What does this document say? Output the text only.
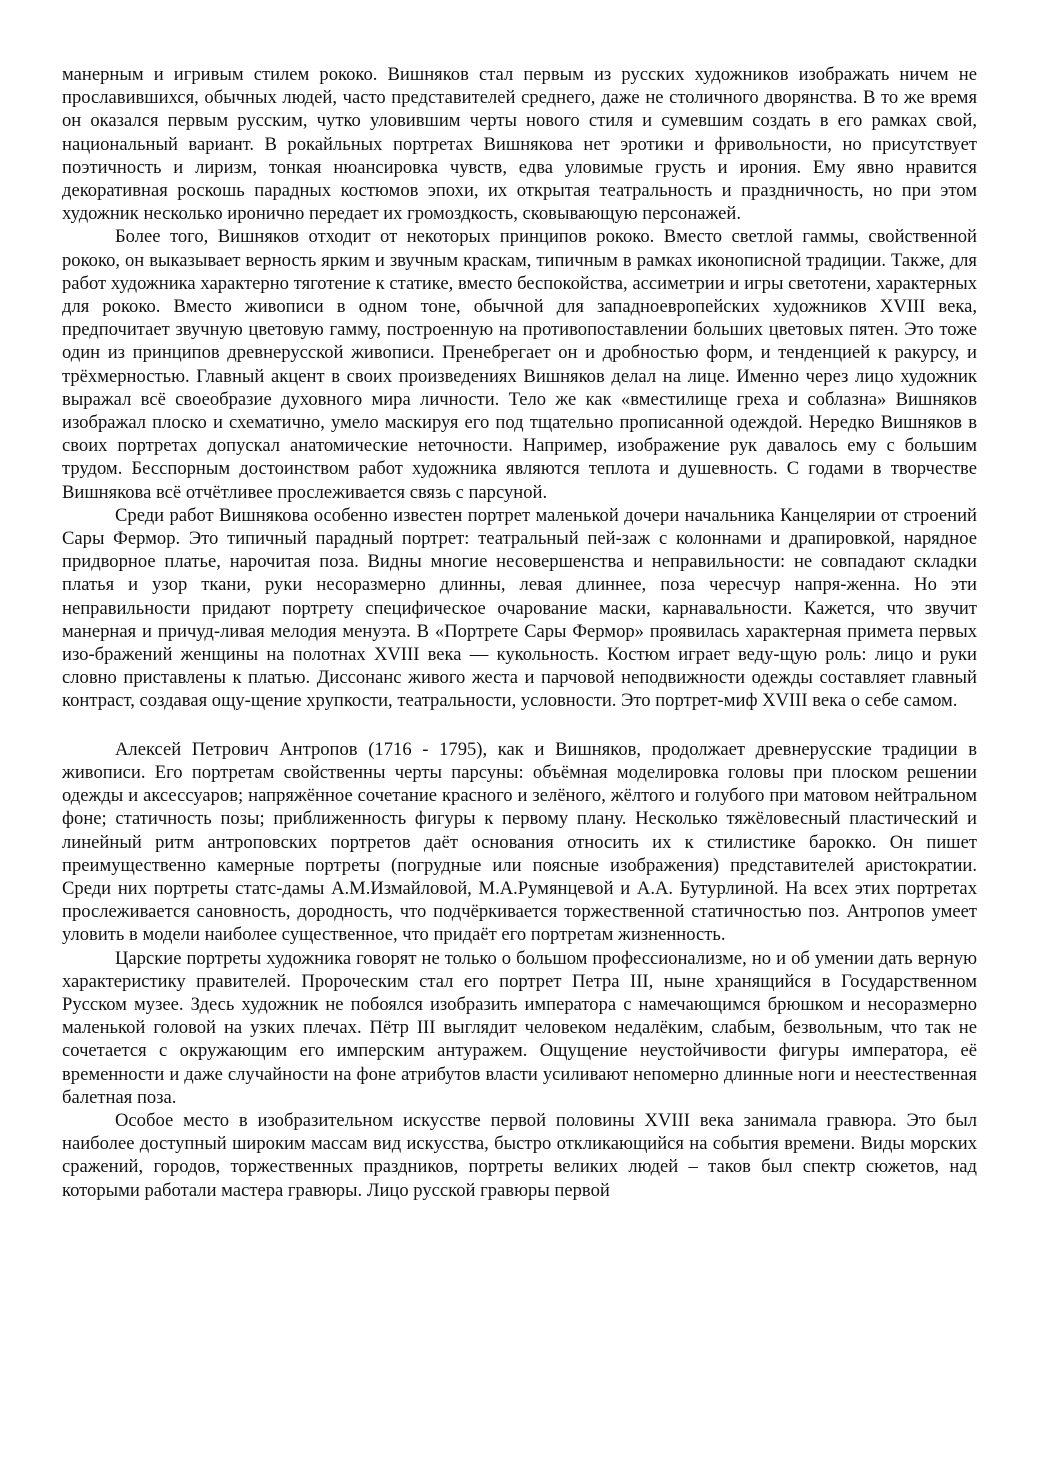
манерным и игривым стилем рококо. Вишняков стал первым из русских художников изображать ничем не прославившихся, обычных людей, часто представителей среднего, даже не столичного дворянства. В то же время он оказался первым русским, чутко уловившим черты нового стиля и сумевшим создать в его рамках свой, национальный вариант. В рокайльных портретах Вишнякова нет эротики и фривольности, но присутствует поэтичность и лиризм, тонкая нюансировка чувств, едва уловимые грусть и ирония. Ему явно нравится декоративная роскошь парадных костюмов эпохи, их открытая театральность и праздничность, но при этом художник несколько иронично передает их громоздкость, сковывающую персонажей.

Более того, Вишняков отходит от некоторых принципов рококо. Вместо светлой гаммы, свойственной рококо, он выказывает верность ярким и звучным краскам, типичным в рамках иконописной традиции. Также, для работ художника характерно тяготение к статике, вместо беспокойства, ассиметрии и игры светотени, характерных для рококо. Вместо живописи в одном тоне, обычной для западноевропейских художников XVIII века, предпочитает звучную цветовую гамму, построенную на противопоставлении больших цветовых пятен. Это тоже один из принципов древнерусской живописи. Пренебрегает он и дробностью форм, и тенденцией к ракурсу, и трёхмерностью. Главный акцент в своих произведениях Вишняков делал на лице. Именно через лицо художник выражал всё своеобразие духовного мира личности. Тело же как «вместилище греха и соблазна» Вишняков изображал плоско и схематично, умело маскируя его под тщательно прописанной одеждой. Нередко Вишняков в своих портретах допускал анатомические неточности. Например, изображение рук давалось ему с большим трудом. Бесспорным достоинством работ художника являются теплота и душевность. С годами в творчестве Вишнякова всё отчётливее прослеживается связь с парсуной.

Среди работ Вишнякова особенно известен портрет маленькой дочери начальника Канцелярии от строений Сары Фермор. Это типичный парадный портрет: театральный пей-заж с колоннами и драпировкой, нарядное придворное платье, нарочитая поза. Видны многие несовершенства и неправильности: не совпадают складки платья и узор ткани, руки несоразмерно длинны, левая длиннее, поза чересчур напря-женна. Но эти неправильности придают портрету специфическое очарование маски, карнавальности. Кажется, что звучит манерная и причуд-ливая мелодия менуэта. В «Портрете Сары Фермор» проявилась характерная примета первых изо-бражений женщины на полотнах XVIII века — кукольность. Костюм играет веду-щую роль: лицо и руки словно приставлены к платью. Диссонанс живого жеста и парчовой неподвижности одежды составляет главный контраст, создавая ощу-щение хрупкости, театральности, условности. Это портрет-миф XVIII века о себе самом.

Алексей Петрович Антропов (1716 - 1795), как и Вишняков, продолжает древнерусские традиции в живописи. Его портретам свойственны черты парсуны: объёмная моделировка головы при плоском решении одежды и аксессуаров; напряжённое сочетание красного и зелёного, жёлтого и голубого при матовом нейтральном фоне; статичность позы; приближенность фигуры к первому плану. Несколько тяжёловесный пластический и линейный ритм антроповских портретов даёт основания относить их к стилистике барокко. Он пишет преимущественно камерные портреты (погрудные или поясные изображения) представителей аристократии. Среди них портреты статс-дамы А.М.Измайловой, М.А.Румянцевой и А.А. Бутурлиной. На всех этих портретах прослеживается сановность, дородность, что подчёркивается торжественной статичностью поз. Антропов умеет уловить в модели наиболее существенное, что придаёт его портретам жизненность.

Царские портреты художника говорят не только о большом профессионализме, но и об умении дать верную характеристику правителей. Пророческим стал его портрет Петра III, ныне хранящийся в Государственном Русском музее. Здесь художник не побоялся изобразить императора с намечающимся брюшком и несоразмерно маленькой головой на узких плечах. Пётр III выглядит человеком недалёким, слабым, безвольным, что так не сочетается с окружающим его имперским антуражем. Ощущение неустойчивости фигуры императора, её временности и даже случайности на фоне атрибутов власти усиливают непомерно длинные ноги и неестественная балетная поза.

Особое место в изобразительном искусстве первой половины XVIII века занимала гравюра. Это был наиболее доступный широким массам вид искусства, быстро откликающийся на события времени. Виды морских сражений, городов, торжественных праздников, портреты великих людей – таков был спектр сюжетов, над которыми работали мастера гравюры. Лицо русской гравюры первой
